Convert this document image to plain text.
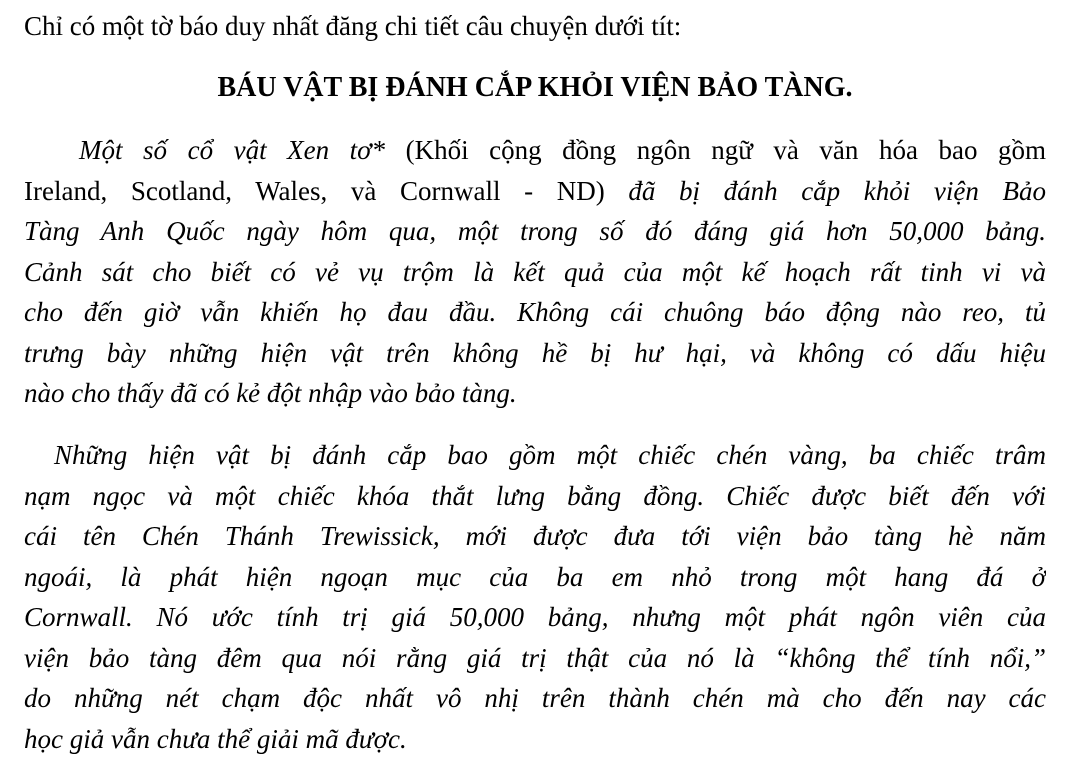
Chỉ có một tờ báo duy nhất đăng chi tiết câu chuyện dưới tít:
BÁU VẬT BỊ ĐÁNH CẮP KHỎI VIỆN BẢO TÀNG.
Một số cổ vật Xen tơ* (Khối cộng đồng ngôn ngữ và văn hóa bao gồm
Ireland, Scotland, Wales, và Cornwall - ND) đã bị đánh cắp khỏi viện Bảo
Tàng Anh Quốc ngày hôm qua, một trong số đó đáng giá hơn 50,000 bảng.
Cảnh sát cho biết có vẻ vụ trộm là kết quả của một kế hoạch rất tinh vi và
cho đến giờ vẫn khiến họ đau đầu. Không cái chuông báo động nào reo, tủ
trưng bày những hiện vật trên không hề bị hư hại, và không có dấu hiệu
nào cho thấy đã có kẻ đột nhập vào bảo tàng.
Những hiện vật bị đánh cắp bao gồm một chiếc chén vàng, ba chiếc trâm
nạm ngọc và một chiếc khóa thắt lưng bằng đồng. Chiếc được biết đến với
cái tên Chén Thánh Trewissick, mới được đưa tới viện bảo tàng hè năm
ngoái, là phát hiện ngoạn mục của ba em nhỏ trong một hang đá ở
Cornwall. Nó ước tính trị giá 50,000 bảng, nhưng một phát ngôn viên của
viện bảo tàng đêm qua nói rằng giá trị thật của nó là “không thể tính nổi,”
do những nét chạm độc nhất vô nhị trên thành chén mà cho đến nay các
học giả vẫn chưa thể giải mã được.
